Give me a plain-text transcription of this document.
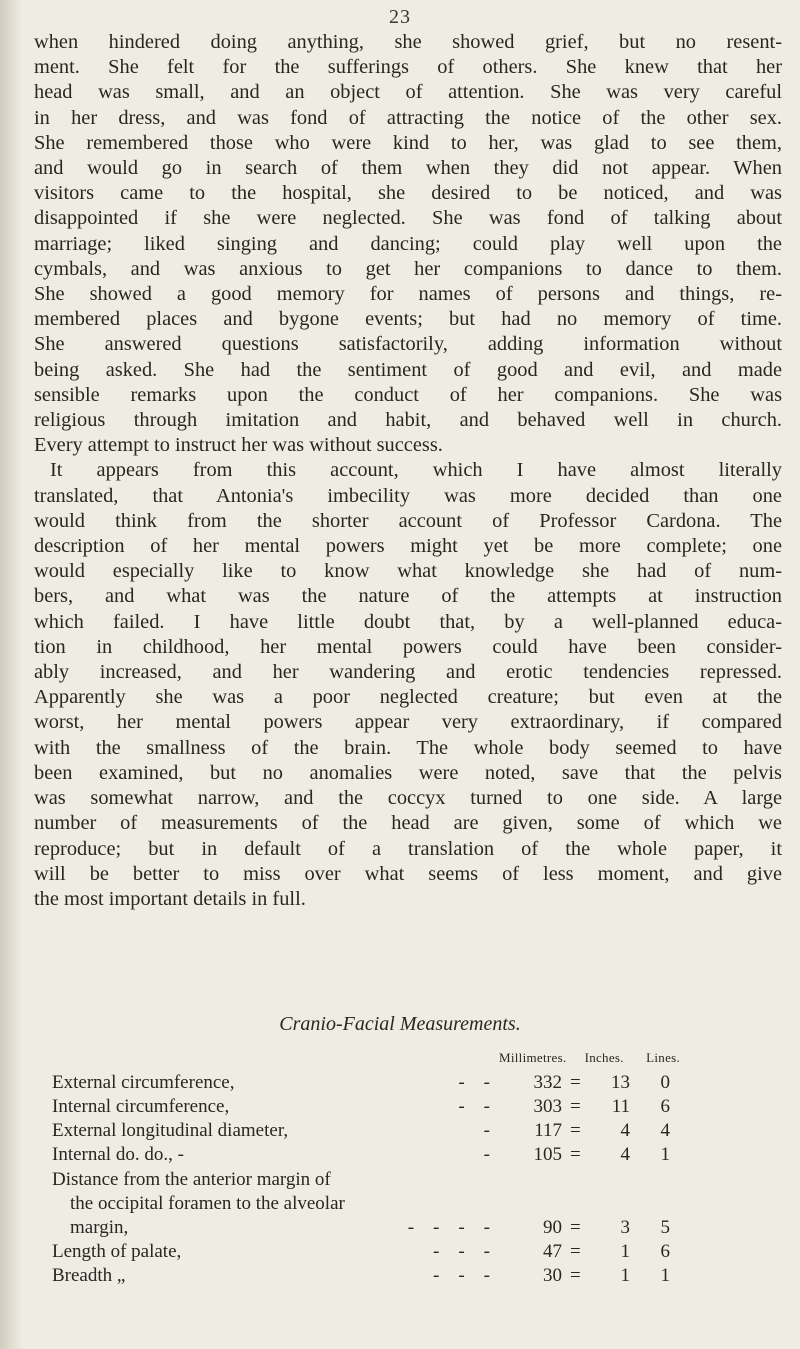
23
when hindered doing anything, she showed grief, but no resent-
ment. She felt for the sufferings of others. She knew that her
head was small, and an object of attention. She was very careful
in her dress, and was fond of attracting the notice of the other sex.
She remembered those who were kind to her, was glad to see them,
and would go in search of them when they did not appear. When
visitors came to the hospital, she desired to be noticed, and was
disappointed if she were neglected. She was fond of talking about
marriage; liked singing and dancing; could play well upon the
cymbals, and was anxious to get her companions to dance to them.
She showed a good memory for names of persons and things, re-
membered places and bygone events; but had no memory of time.
She answered questions satisfactorily, adding information without
being asked. She had the sentiment of good and evil, and made
sensible remarks upon the conduct of her companions. She was
religious through imitation and habit, and behaved well in church.
Every attempt to instruct her was without success.
It appears from this account, which I have almost literally
translated, that Antonia's imbecility was more decided than one
would think from the shorter account of Professor Cardona. The
description of her mental powers might yet be more complete; one
would especially like to know what knowledge she had of num-
bers, and what was the nature of the attempts at instruction
which failed. I have little doubt that, by a well-planned educa-
tion in childhood, her mental powers could have been consider-
ably increased, and her wandering and erotic tendencies repressed.
Apparently she was a poor neglected creature; but even at the
worst, her mental powers appear very extraordinary, if compared
with the smallness of the brain. The whole body seemed to have
been examined, but no anomalies were noted, save that the pelvis
was somewhat narrow, and the coccyx turned to one side. A large
number of measurements of the head are given, some of which we
reproduce; but in default of a translation of the whole paper, it
will be better to miss over what seems of less moment, and give
the most important details in full.
Cranio-Facial Measurements.
Millimetres. Inches. Lines.
External circumference,	332 =	13	0
-    -
Internal circumference,	303 =	11	6
-    -
External longitudinal diameter,	117 =	4	4
-
Internal do. do., -	105 =	4	1
-
Distance from the anterior margin of
the occipital foramen to the alveolar
margin,	90 =	3	5
-    -    -    -
Length of palate,	47 =	1	6
-    -    -
Breadth „	30 =	1	1
-    -    -
